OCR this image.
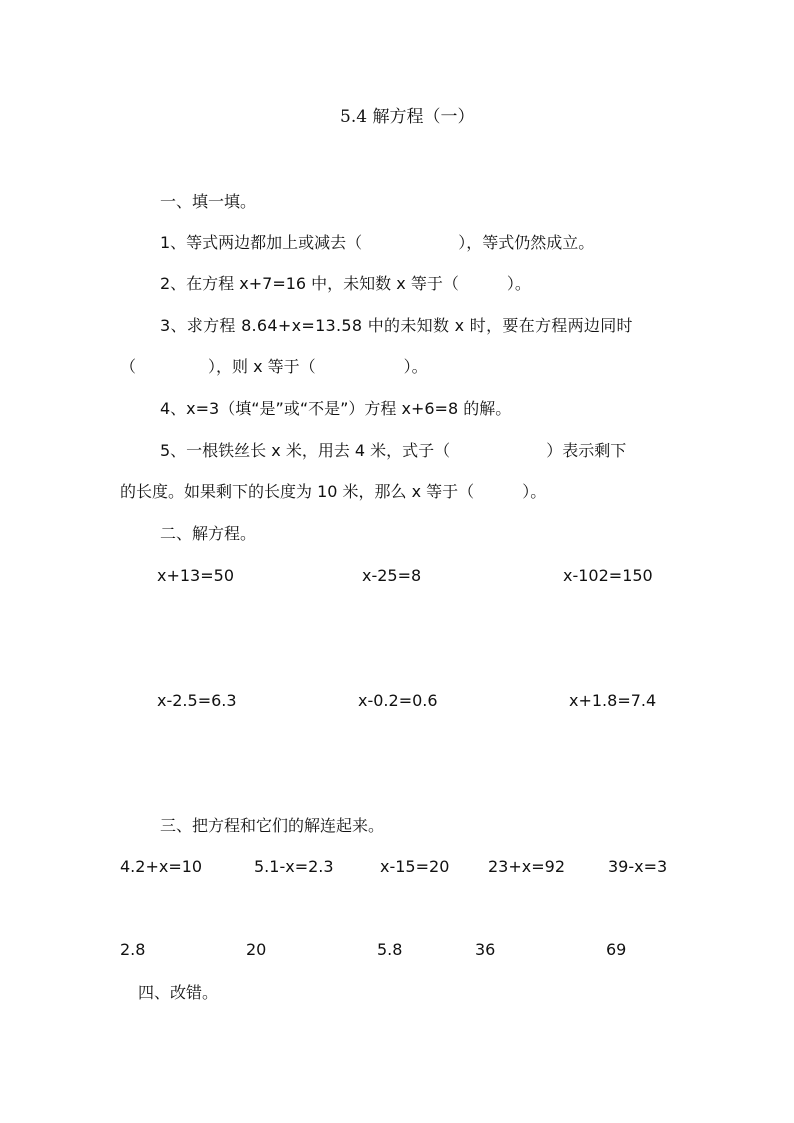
5.4 解方程（一）
一、填一填。
1、等式两边都加上或减去（	），等式仍然成立。
2、在方程 x+7=16 中，未知数 x 等于（	）。
3、求方程 8.64+x=13.58 中的未知数 x 时，要在方程两边同时
（	），则 x 等于（	）。
4、x=3（填“是”或“不是”）方程 x+6=8 的解。
5、一根铁丝长 x 米，用去 4 米，式子（	）表示剩下
的长度。如果剩下的长度为 10 米，那么 x 等于（	）。
二、解方程。
x+13=50	x-25=8	x-102=150
x-2.5=6.3	x-0.2=0.6	x+1.8=7.4
三、把方程和它们的解连起来。
4.2+x=10	5.1-x=2.3	x-15=20 23+x=92	39-x=3
2.8	20	5.8	36	69
四、改错。
